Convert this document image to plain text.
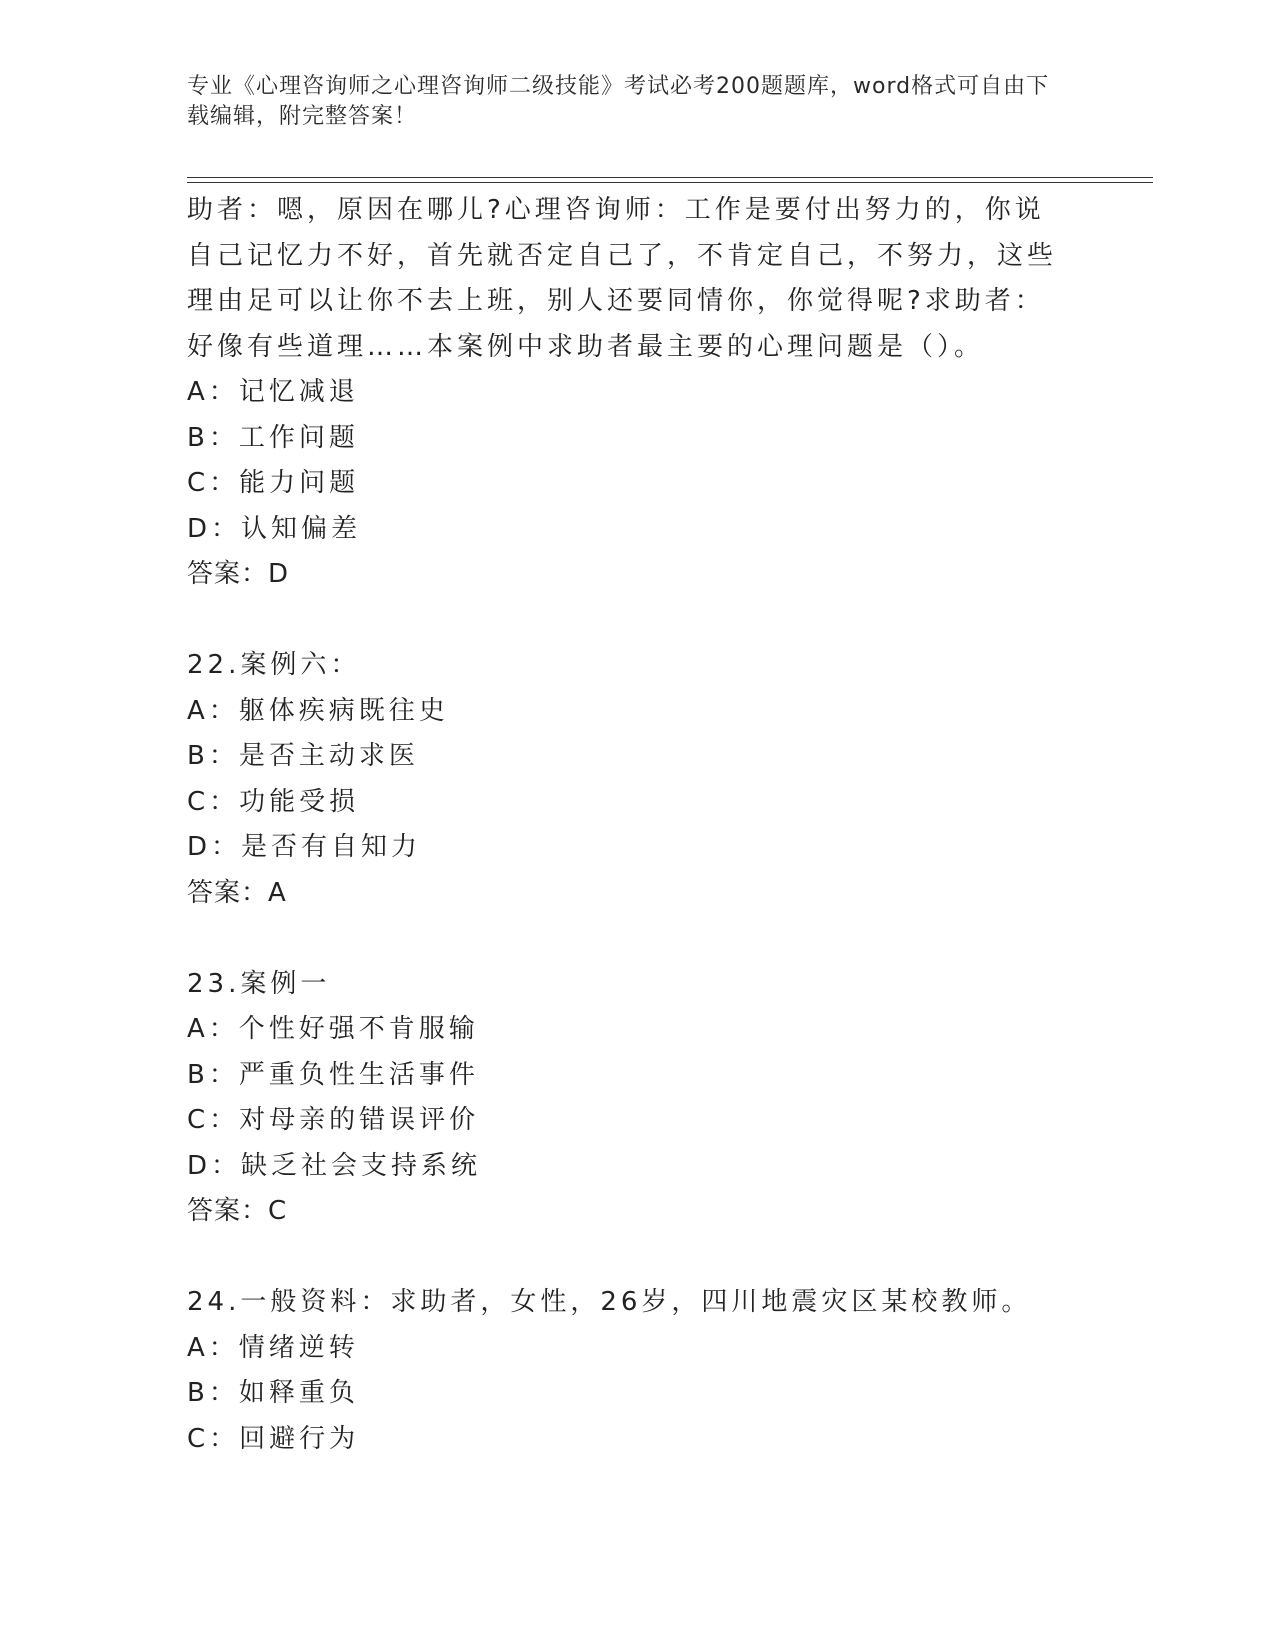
专业《心理咨询师之心理咨询师二级技能》考试必考200题题库，word格式可自由下载编辑，附完整答案！
助者：嗯，原因在哪儿?心理咨询师：工作是要付出努力的，你说自己记忆力不好，首先就否定自己了，不肯定自己，不努力，这些理由足可以让你不去上班，别人还要同情你，你觉得呢?求助者：好像有些道理……本案例中求助者最主要的心理问题是（）。
A：记忆减退
B：工作问题
C：能力问题
D：认知偏差
答案：D
22.案例六：
A：躯体疾病既往史
B：是否主动求医
C：功能受损
D：是否有自知力
答案：A
23.案例一
A：个性好强不肯服输
B：严重负性生活事件
C：对母亲的错误评价
D：缺乏社会支持系统
答案：C
24.一般资料：求助者，女性，26岁，四川地震灾区某校教师。
A：情绪逆转
B：如释重负
C：回避行为
